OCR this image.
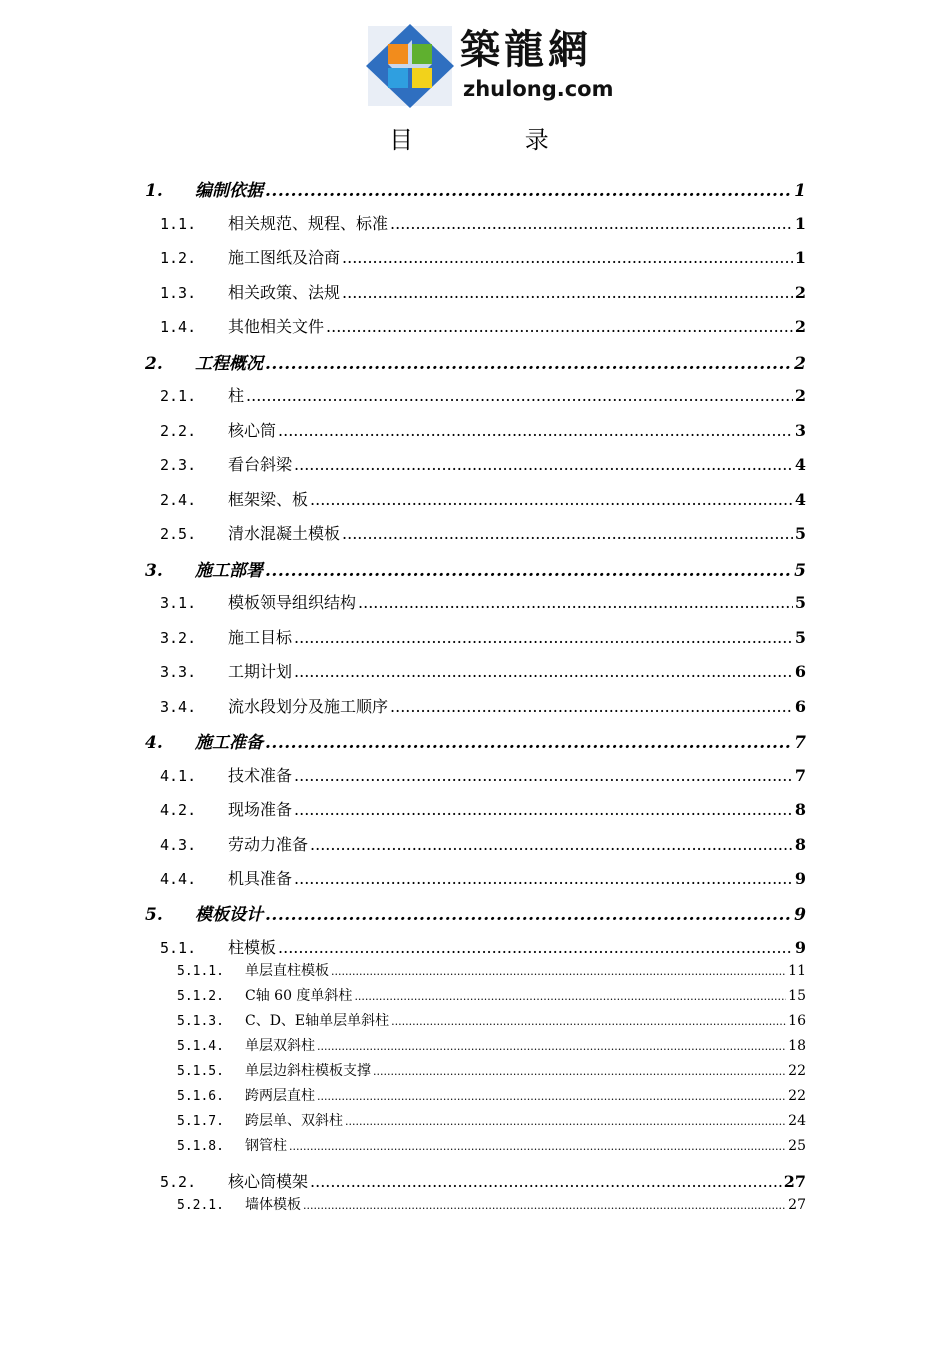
築龍網
zhulong.com
目 录
1.	编制依据 .....	1
1.1.	相关规范、规程、标准 .....	1
1.2.	施工图纸及洽商 .....	1
1.3.	相关政策、法规 .....	2
1.4.	其他相关文件 .....	2
2.	工程概况 .....	2
2.1.	柱 .....	2
2.2.	核心筒 .....	3
2.3.	看台斜梁 .....	4
2.4.	框架梁、板 .....	4
2.5.	清水混凝土模板 .....	5
3.	施工部署 .....	5
3.1.	模板领导组织结构 .....	5
3.2.	施工目标 .....	5
3.3.	工期计划 .....	6
3.4.	流水段划分及施工顺序 .....	6
4.	施工准备 .....	7
4.1.	技术准备 .....	7
4.2.	现场准备 .....	8
4.3.	劳动力准备 .....	8
4.4.	机具准备 .....	9
5.	模板设计 .....	9
5.1.	柱模板 .....	9
5.1.1.	单层直柱模板 .....	11
5.1.2.	C轴 60 度单斜柱 .....	15
5.1.3.	C、D、E轴单层单斜柱 .....	16
5.1.4.	单层双斜柱 .....	18
5.1.5.	单层边斜柱模板支撑 .....	22
5.1.6.	跨两层直柱 .....	22
5.1.7.	跨层单、双斜柱 .....	24
5.1.8.	钢管柱 .....	25
5.2.	核心筒模架 .....	27
5.2.1.	墙体模板 .....	27
